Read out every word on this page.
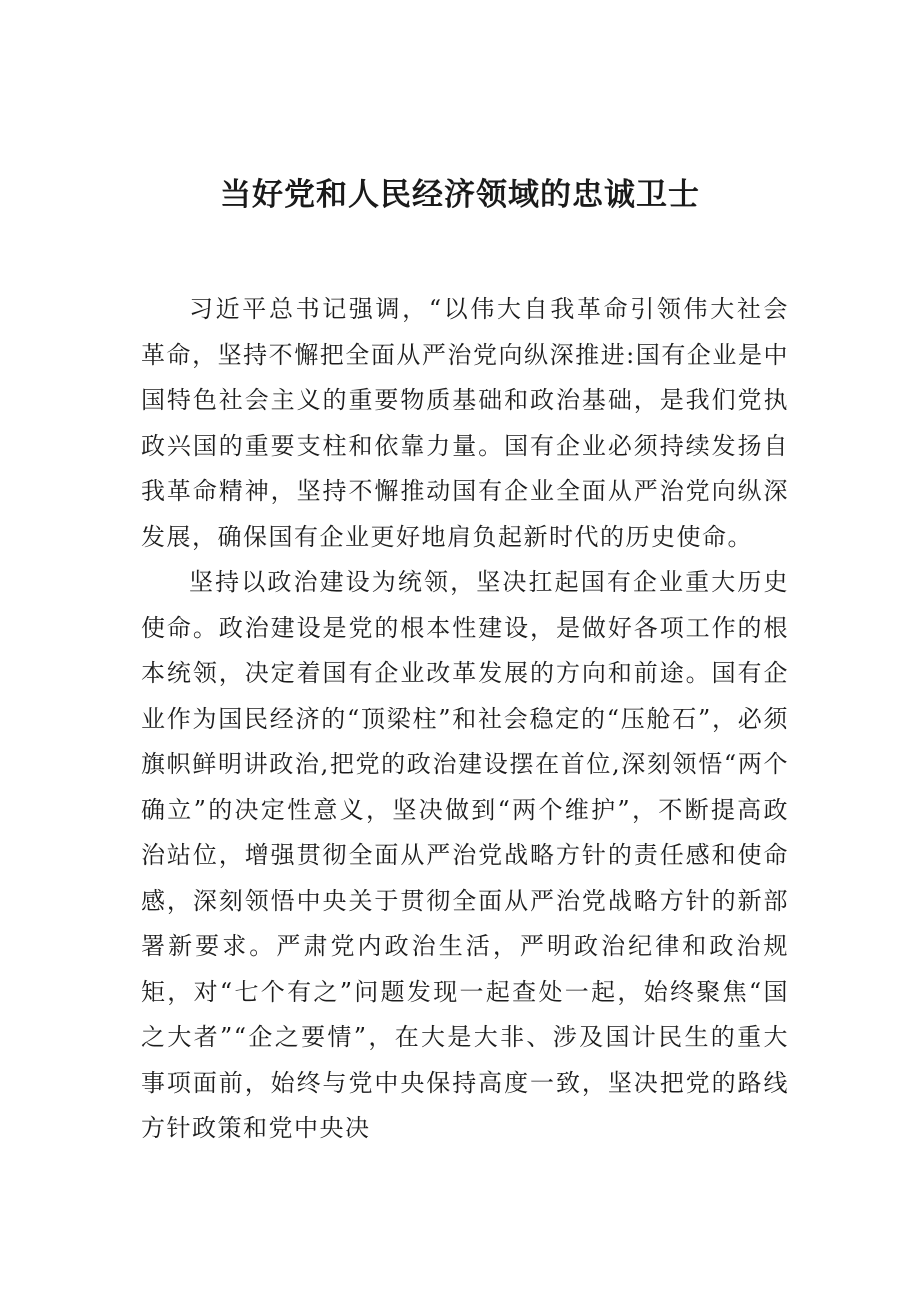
当好党和人民经济领域的忠诚卫士

习近平总书记强调，“以伟大自我革命引领伟大社会革命，坚持不懈把全面从严治党向纵深推进:国有企业是中国特色社会主义的重要物质基础和政治基础，是我们党执政兴国的重要支柱和依靠力量。国有企业必须持续发扬自我革命精神，坚持不懈推动国有企业全面从严治党向纵深发展，确保国有企业更好地肩负起新时代的历史使命。

坚持以政治建设为统领，坚决扛起国有企业重大历史使命。政治建设是党的根本性建设，是做好各项工作的根本统领，决定着国有企业改革发展的方向和前途。国有企业作为国民经济的“顶梁柱”和社会稳定的“压舱石”，必须旗帜鲜明讲政治,把党的政治建设摆在首位,深刻领悟“两个确立”的决定性意义，坚决做到“两个维护”，不断提高政治站位，增强贯彻全面从严治党战略方针的责任感和使命感，深刻领悟中央关于贯彻全面从严治党战略方针的新部署新要求。严肃党内政治生活，严明政治纪律和政治规矩，对“七个有之”问题发现一起查处一起，始终聚焦“国之大者”“企之要情”，在大是大非、涉及国计民生的重大事项面前，始终与党中央保持高度一致，坚决把党的路线方针政策和党中央决
